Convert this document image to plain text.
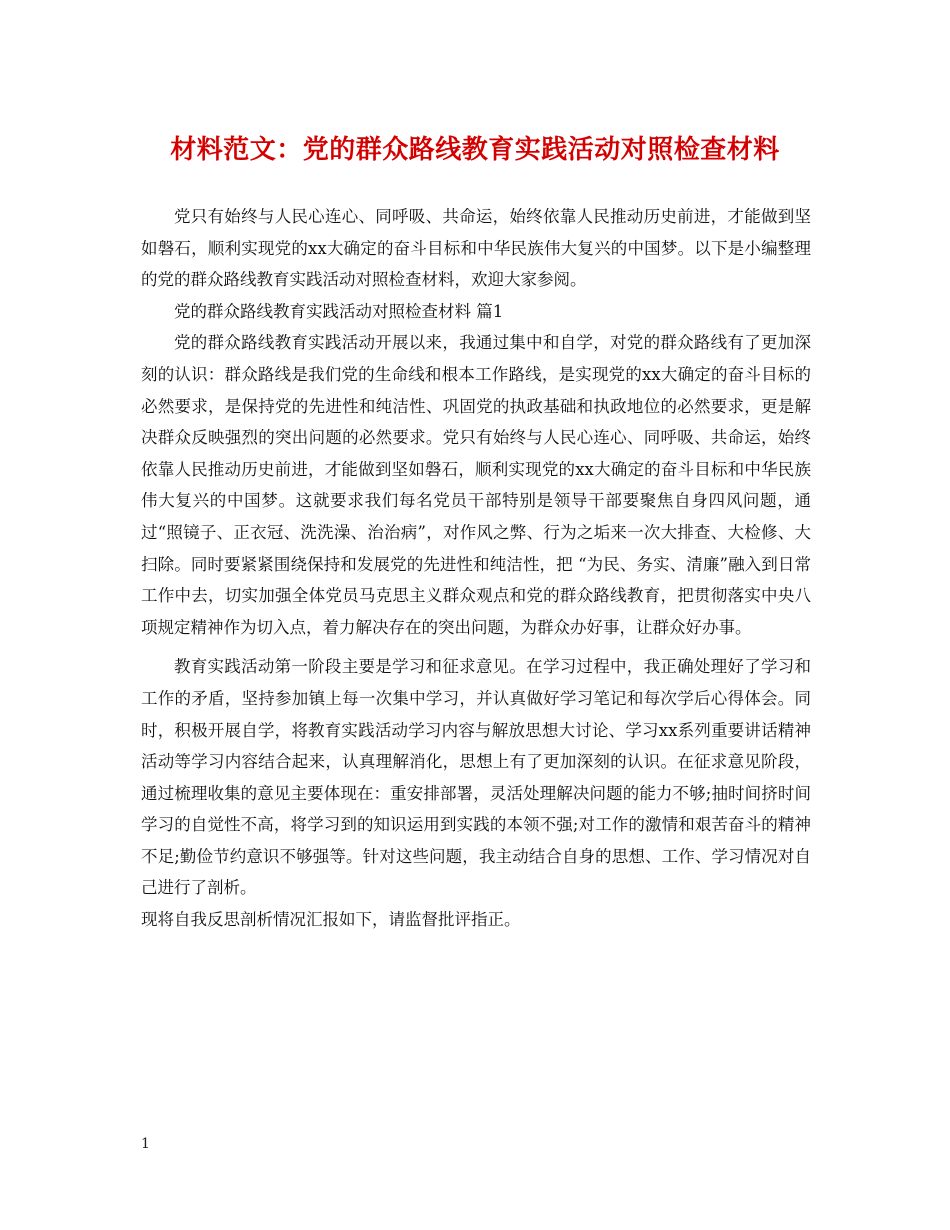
材料范文：党的群众路线教育实践活动对照检查材料

党只有始终与人民心连心、同呼吸、共命运，始终依靠人民推动历史前进，才能做到坚如磐石，顺利实现党的xx大确定的奋斗目标和中华民族伟大复兴的中国梦。以下是小编整理的党的群众路线教育实践活动对照检查材料，欢迎大家参阅。

党的群众路线教育实践活动对照检查材料 篇1

党的群众路线教育实践活动开展以来，我通过集中和自学，对党的群众路线有了更加深刻的认识：群众路线是我们党的生命线和根本工作路线，是实现党的xx大确定的奋斗目标的必然要求，是保持党的先进性和纯洁性、巩固党的执政基础和执政地位的必然要求，更是解决群众反映强烈的突出问题的必然要求。党只有始终与人民心连心、同呼吸、共命运，始终依靠人民推动历史前进，才能做到坚如磐石，顺利实现党的xx大确定的奋斗目标和中华民族伟大复兴的中国梦。这就要求我们每名党员干部特别是领导干部要聚焦自身四风问题，通过“照镜子、正衣冠、洗洗澡、治治病”，对作风之弊、行为之垢来一次大排查、大检修、大扫除。同时要紧紧围绕保持和发展党的先进性和纯洁性，把 “为民、务实、清廉”融入到日常工作中去，切实加强全体党员马克思主义群众观点和党的群众路线教育，把贯彻落实中央八项规定精神作为切入点，着力解决存在的突出问题，为群众办好事，让群众好办事。

教育实践活动第一阶段主要是学习和征求意见。在学习过程中，我正确处理好了学习和工作的矛盾，坚持参加镇上每一次集中学习，并认真做好学习笔记和每次学后心得体会。同时，积极开展自学，将教育实践活动学习内容与解放思想大讨论、学习xx系列重要讲话精神活动等学习内容结合起来，认真理解消化，思想上有了更加深刻的认识。在征求意见阶段，通过梳理收集的意见主要体现在：重安排部署，灵活处理解决问题的能力不够;抽时间挤时间学习的自觉性不高，将学习到的知识运用到实践的本领不强;对工作的激情和艰苦奋斗的精神不足;勤俭节约意识不够强等。针对这些问题，我主动结合自身的思想、工作、学习情况对自己进行了剖析。

现将自我反思剖析情况汇报如下，请监督批评指正。

1
